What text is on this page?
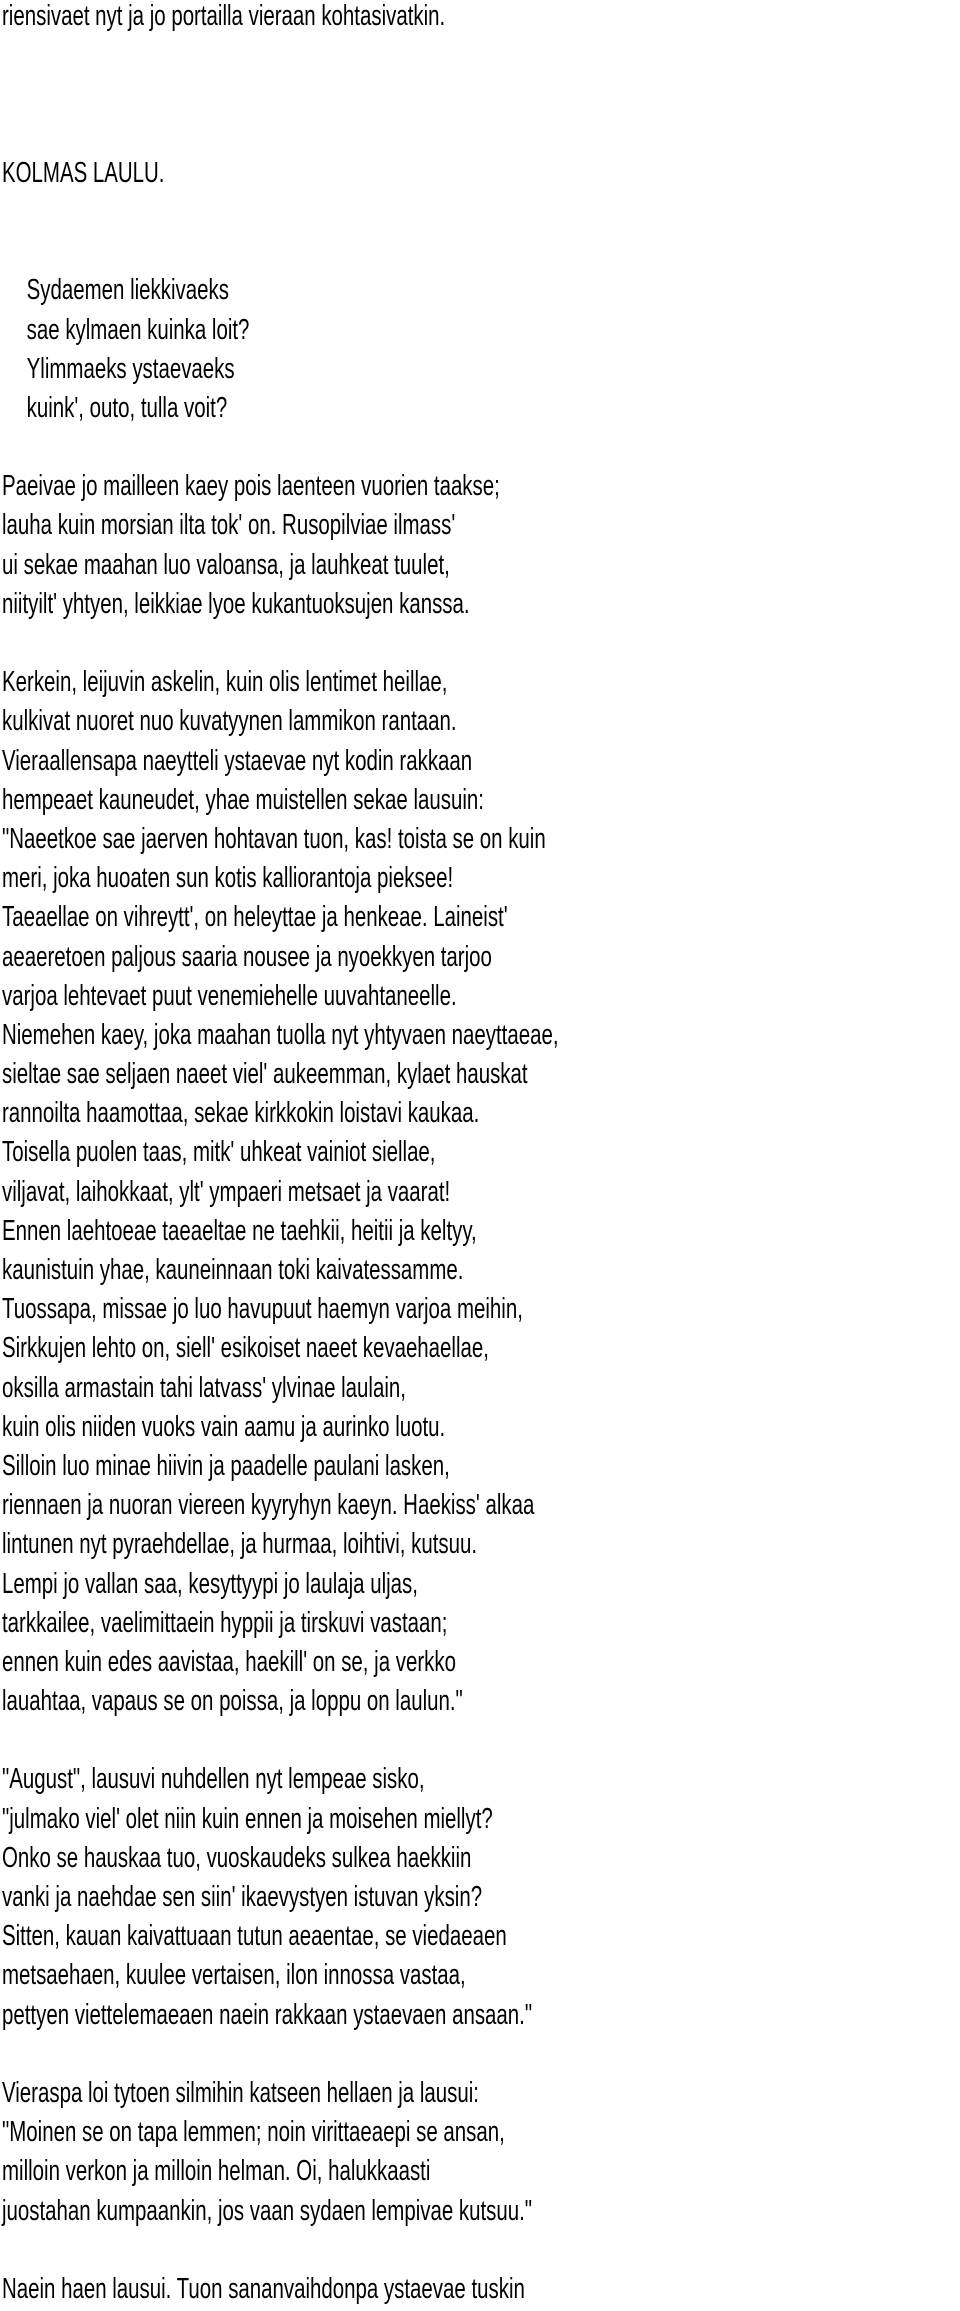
riensivaet nyt ja jo portailla vieraan kohtasivatkin.
KOLMAS LAULU.
Sydaemen liekkivaeks
sae kylmaen kuinka loit?
Ylimmaeks ystaevaeks
kuink', outo, tulla voit?
Paeivae jo mailleen kaey pois laenteen vuorien taakse;
lauha kuin morsian ilta tok' on. Rusopilviae ilmass'
ui sekae maahan luo valoansa, ja lauhkeat tuulet,
niityilt' yhtyen, leikkiae lyoe kukantuoksujen kanssa.
Kerkein, leijuvin askelin, kuin olis lentimet heillae,
kulkivat nuoret nuo kuvatyynen lammikon rantaan.
Vieraallensapa naeytteli ystaevae nyt kodin rakkaan
hempeaet kauneudet, yhae muistellen sekae lausuin:
"Naeetkoe sae jaerven hohtavan tuon, kas! toista se on kuin
meri, joka huoaten sun kotis kalliorantoja pieksee!
Taeaellae on vihreytt', on heleyttae ja henkeae. Laineist'
aeaeretoen paljous saaria nousee ja nyoekkyen tarjoo
varjoa lehtevaet puut venemiehelle uuvahtaneelle.
Niemehen kaey, joka maahan tuolla nyt yhtyvaen naeyttaeae,
sieltae sae seljaen naeet viel' aukeemman, kylaet hauskat
rannoilta haamottaa, sekae kirkkokin loistavi kaukaa.
Toisella puolen taas, mitk' uhkeat vainiot siellae,
viljavat, laihokkaat, ylt' ympaeri metsaet ja vaarat!
Ennen laehtoeae taeaeltae ne taehkii, heitii ja keltyy,
kaunistuin yhae, kauneinnaan toki kaivatessamme.
Tuossapa, missae jo luo havupuut haemyn varjoa meihin,
Sirkkujen lehto on, siell' esikoiset naeet kevaehaellae,
oksilla armastain tahi latvass' ylvinae laulain,
kuin olis niiden vuoks vain aamu ja aurinko luotu.
Silloin luo minae hiivin ja paadelle paulani lasken,
riennaen ja nuoran viereen kyyryhyn kaeyn. Haekiss' alkaa
lintunen nyt pyraehdellae, ja hurmaa, loihtivi, kutsuu.
Lempi jo vallan saa, kesyttyypi jo laulaja uljas,
tarkkailee, vaelimittaein hyppii ja tirskuvi vastaan;
ennen kuin edes aavistaa, haekill' on se, ja verkko
lauahtaa, vapaus se on poissa, ja loppu on laulun."
"August", lausuvi nuhdellen nyt lempeae sisko,
"julmako viel' olet niin kuin ennen ja moisehen miellyt?
Onko se hauskaa tuo, vuoskaudeks sulkea haekkiin
vanki ja naehdae sen siin' ikaevystyen istuvan yksin?
Sitten, kauan kaivattuaan tutun aeaentae, se viedaeaen
metsaehaen, kuulee vertaisen, ilon innossa vastaa,
pettyen viettelemaeaen naein rakkaan ystaevaen ansaan."
Vieraspa loi tytoen silmihin katseen hellaen ja lausui:
"Moinen se on tapa lemmen; noin virittaeaepi se ansan,
milloin verkon ja milloin helman. Oi, halukkaasti
juostahan kumpaankin, jos vaan sydaen lempivae kutsuu."
Naein haen lausui. Tuon sananvaihdonpa ystaevae tuskin
